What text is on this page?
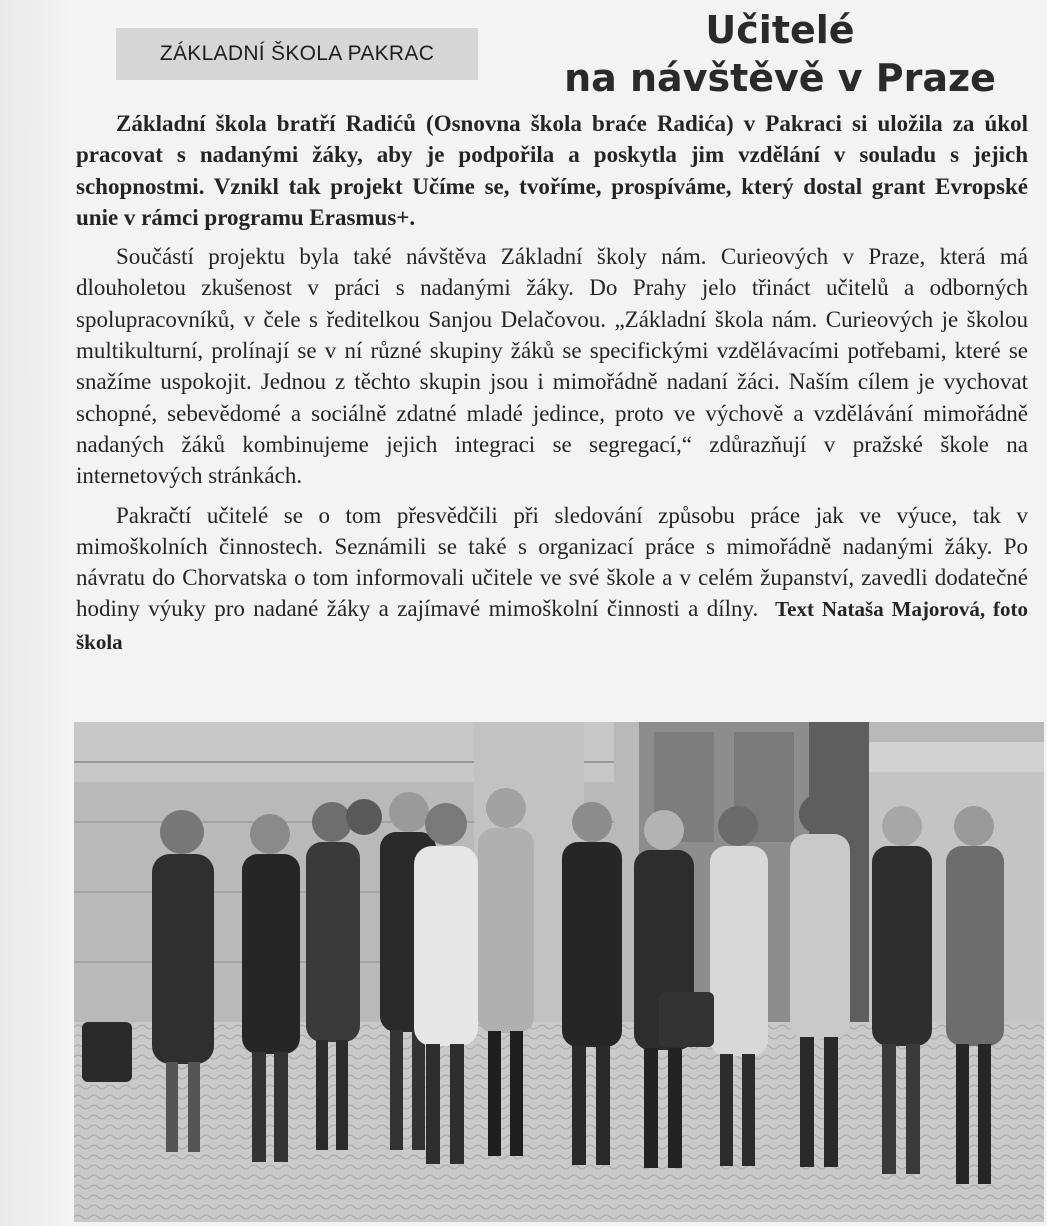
ZÁKLADNÍ ŠKOLA PAKRAC
Učitelé
na návštěvě v Praze

Základní škola bratří Radićů (Osnovna škola braće Radića) v Pakraci si uložila za úkol pracovat s nadanými žáky, aby je podpořila a poskytla jim vzdělání v souladu s jejich schopnostmi. Vznikl tak projekt Učíme se, tvoříme, prospíváme, který dostal grant Evropské unie v rámci programu Erasmus+.

Součástí projektu byla také návštěva Základní školy nám. Curieových v Praze, která má dlouholetou zkušenost v práci s nadanými žáky. Do Prahy jelo třináct učitelů a odborných spolupracovníků, v čele s ředitelkou Sanjou Delačovou. „Základní škola nám. Curieových je školou multikulturní, prolínají se v ní různé skupiny žáků se specifickými vzdělávacími potřebami, které se snažíme uspokojit. Jednou z těchto skupin jsou i mimořádně nadaní žáci. Naším cílem je vychovat schopné, sebevědomé a sociálně zdatné mladé jedince, proto ve výchově a vzdělávání mimořádně nadaných žáků kombinujeme jejich integraci se segregací,“ zdůrazňují v pražské škole na internetových stránkách.

Pakračtí učitelé se o tom přesvědčili při sledování způsobu práce jak ve výuce, tak v mimoškolních činnostech. Seznámili se také s organizací práce s mimořádně nadanými žáky. Po návratu do Chorvatska o tom informovali učitele ve své škole a v celém županství, zavedli dodatečné hodiny výuky pro nadané žáky a zajímavé mimoškolní činnosti a dílny. Text Nataša Majorová, foto škola
